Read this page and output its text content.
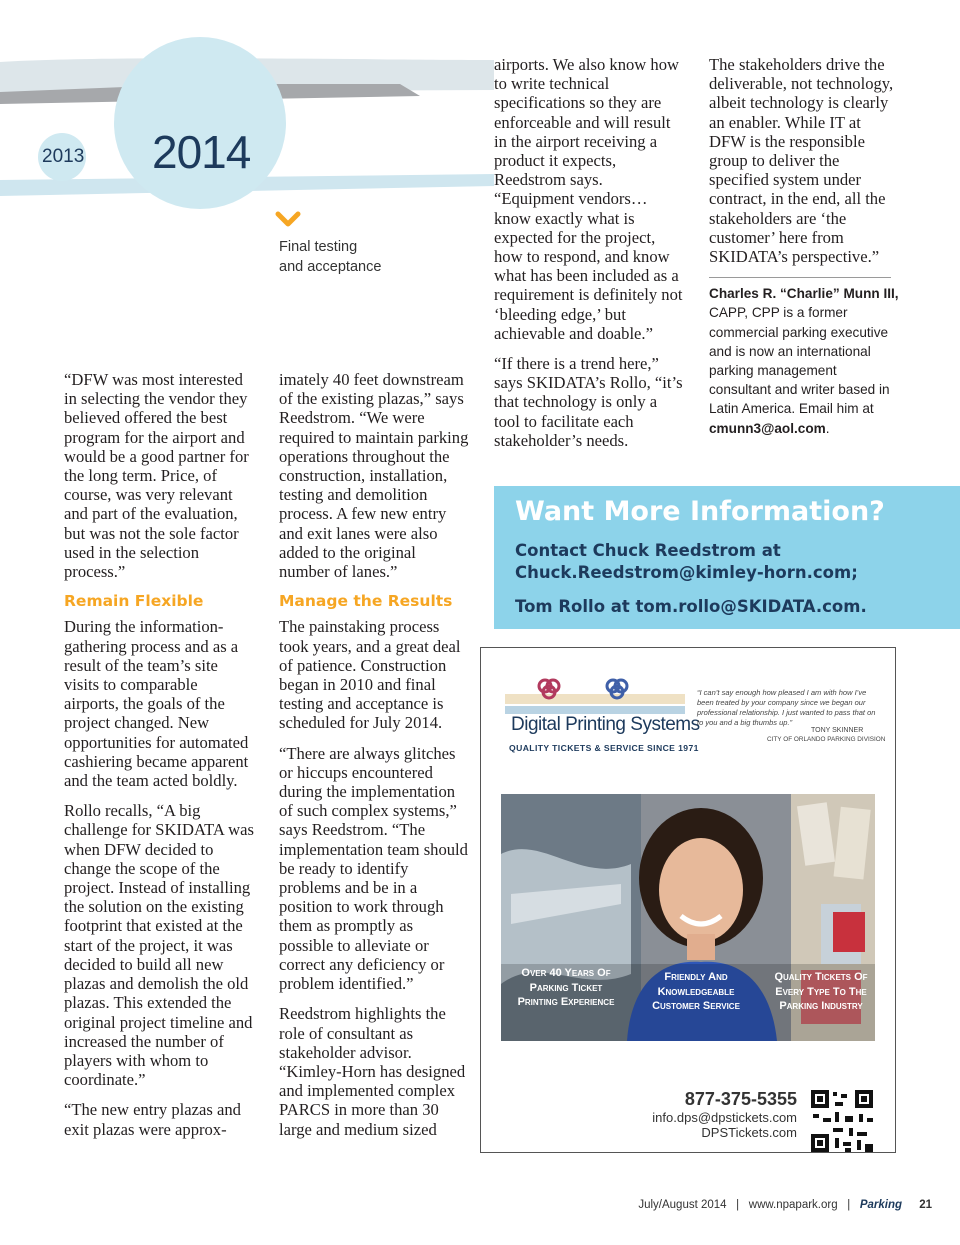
2013 2014
Final testing
and acceptance

“DFW was most interested in selecting the vendor they believed offered the best program for the airport and would be a good partner for the long term. Price, of course, was very relevant and part of the evaluation, but was not the sole factor used in the selection process.”

Remain Flexible

During the information-gathering process and as a result of the team’s site visits to comparable airports, the goals of the project changed. New opportunities for automated cashiering became apparent and the team acted boldly.

Rollo recalls, “A big challenge for SKIDATA was when DFW decided to change the scope of the project. Instead of installing the solution on the existing footprint that existed at the start of the project, it was decided to build all new plazas and demolish the old plazas. This extended the original project timeline and increased the number of players with whom to coordinate.”

“The new entry plazas and exit plazas were approx-

imately 40 feet downstream of the existing plazas,” says Reedstrom. “We were required to maintain parking operations throughout the construction, installation, testing and demolition process. A few new entry and exit lanes were also added to the original number of lanes.”

Manage the Results

The painstaking process took years, and a great deal of patience. Construction began in 2010 and final testing and acceptance is scheduled for July 2014.

“There are always glitches or hiccups encountered during the implementation of such complex systems,” says Reedstrom. “The implementation team should be ready to identify problems and be in a position to work through them as promptly as possible to alleviate or correct any deficiency or problem identified.”

Reedstrom highlights the role of consultant as stakeholder advisor. “Kimley-Horn has designed and implemented complex PARCS in more than 30 large and medium sized

airports. We also know how to write technical specifications so they are enforceable and will result in the airport receiving a product it expects, Reedstrom says. “Equipment vendors… know exactly what is expected for the project, how to respond, and know what has been included as a requirement is definitely not ‘bleeding edge,’ but achievable and doable.”

“If there is a trend here,” says SKIDATA’s Rollo, “it’s that technology is only a tool to facilitate each stakeholder’s needs.

The stakeholders drive the deliverable, not technology, albeit technology is clearly an enabler. While IT at DFW is the responsible group to deliver the specified system under contract, in the end, all the stakeholders are ‘the customer’ here from SKIDATA’s perspective.”

Charles R. “Charlie” Munn III, CAPP, CPP is a former commercial parking executive and is now an international parking management consultant and writer based in Latin America. Email him at cmunn3@aol.com.
Want More Information?
Contact Chuck Reedstrom at
Chuck.Reedstrom@kimley-horn.com;
Tom Rollo at tom.rollo@SKIDATA.com.
Digital Printing Systems
QUALITY TICKETS & SERVICE SINCE 1971
“I can’t say enough how pleased I am with how I’ve been treated by your company since we began our professional relationship. I just wanted to pass that on to you and a big thumbs up.”
TONY SKINNER
CITY OF ORLANDO PARKING DIVISION
Over 40 Years Of Parking Ticket Printing Experience
Friendly And Knowledgeable Customer Service
Quality Tickets Of Every Type To The Parking Industry
877-375-5355
info.dps@dpstickets.com
DPSTickets.com
July/August 2014   |   www.npapark.org   |   Parking 21
